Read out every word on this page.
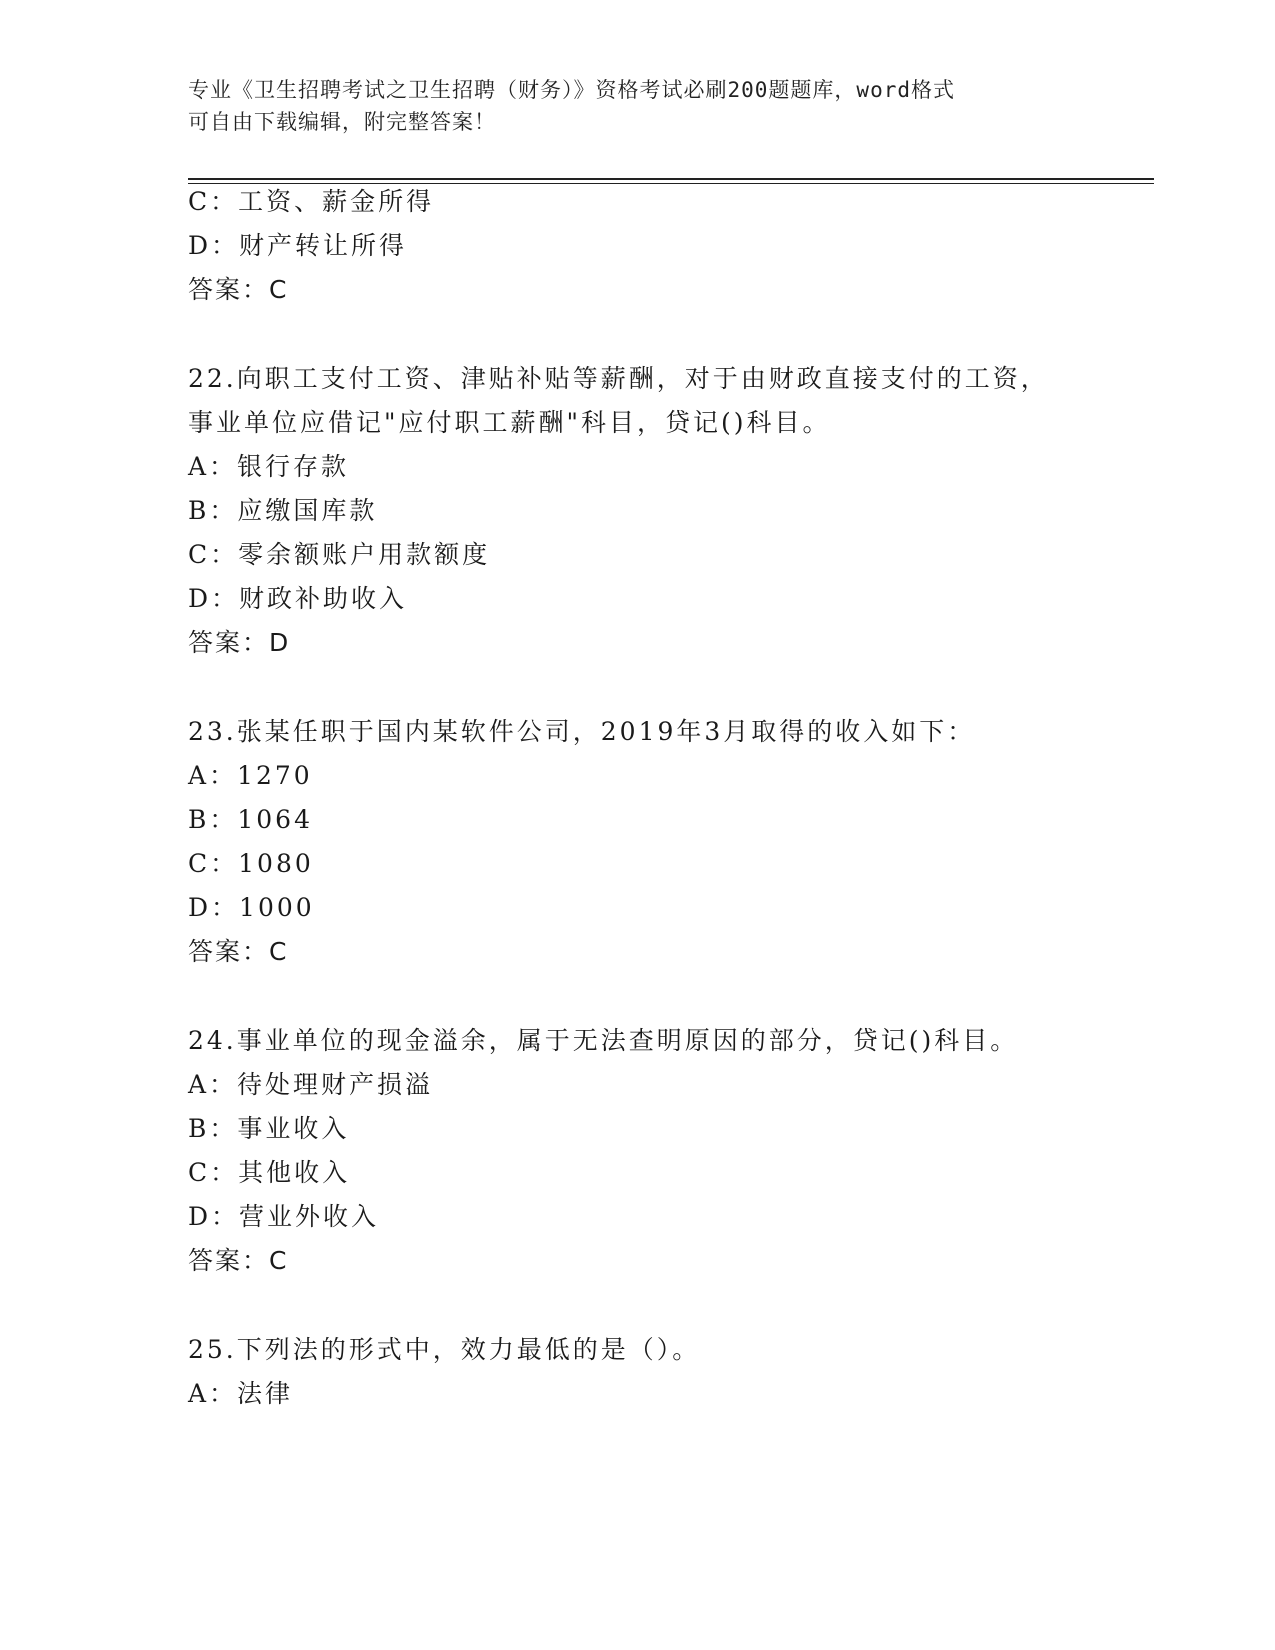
专业《卫生招聘考试之卫生招聘（财务）》资格考试必刷200题题库，word格式
可自由下载编辑，附完整答案！
C：工资、薪金所得
D：财产转让所得
答案：C
22.向职工支付工资、津贴补贴等薪酬，对于由财政直接支付的工资，
事业单位应借记"应付职工薪酬"科目，贷记()科目。
A：银行存款
B：应缴国库款
C：零余额账户用款额度
D：财政补助收入
答案：D
23.张某任职于国内某软件公司，2019年3月取得的收入如下：
A：1270
B：1064
C：1080
D：1000
答案：C
24.事业单位的现金溢余，属于无法查明原因的部分，贷记()科目。
A：待处理财产损溢
B：事业收入
C：其他收入
D：营业外收入
答案：C
25.下列法的形式中，效力最低的是（）。
A：法律
